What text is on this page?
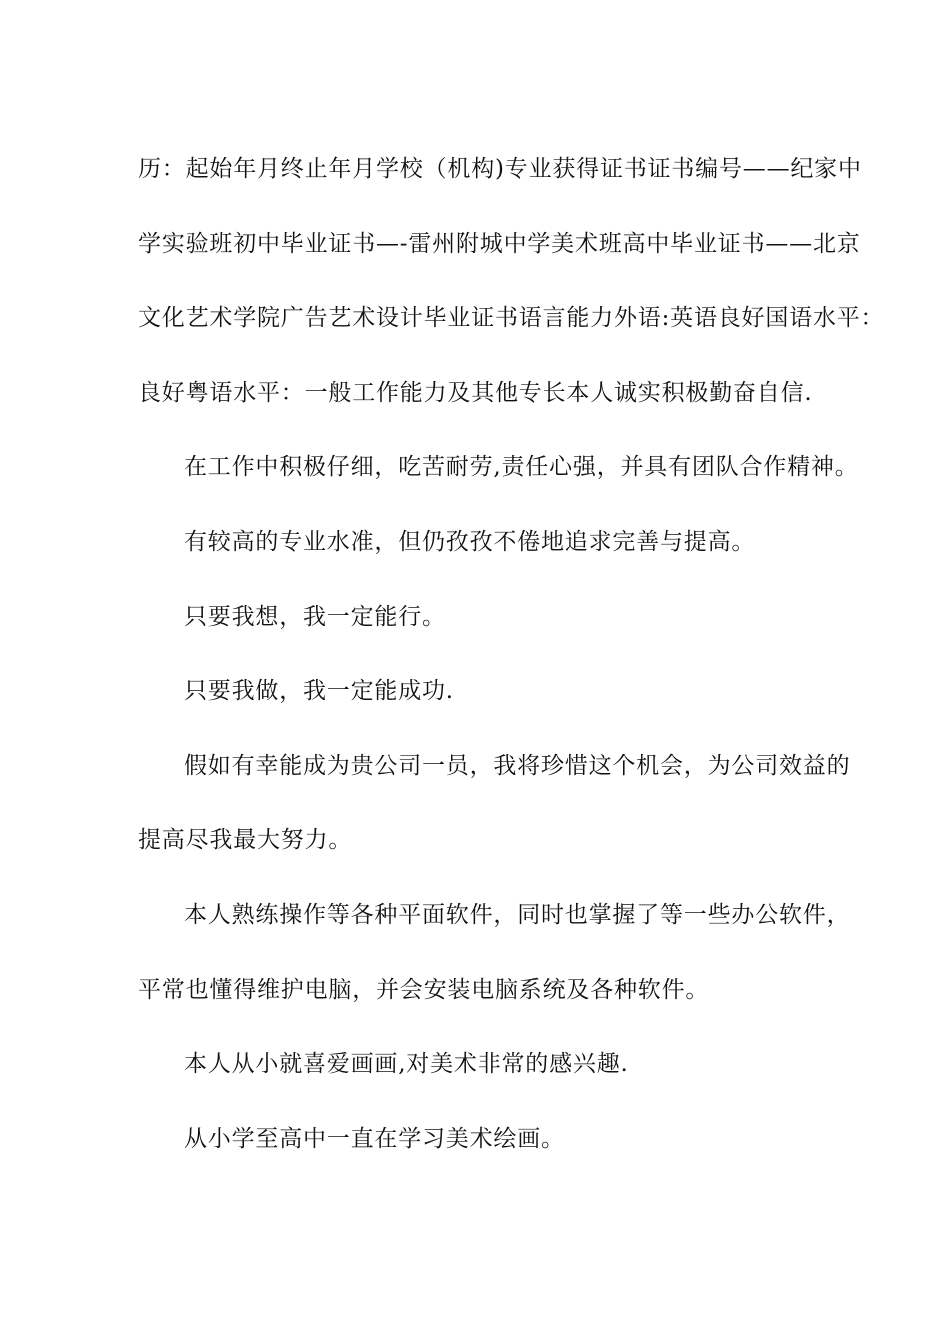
历：起始年月终止年月学校（机构)专业获得证书证书编号——纪家中
学实验班初中毕业证书—-雷州附城中学美术班高中毕业证书——北京
文化艺术学院广告艺术设计毕业证书语言能力外语:英语良好国语水平：
良好粤语水平：一般工作能力及其他专长本人诚实积极勤奋自信.

在工作中积极仔细，吃苦耐劳,责任心强，并具有团队合作精神。

有较高的专业水准，但仍孜孜不倦地追求完善与提高。

只要我想，我一定能行。

只要我做，我一定能成功.

假如有幸能成为贵公司一员，我将珍惜这个机会，为公司效益的
提高尽我最大努力。

本人熟练操作等各种平面软件，同时也掌握了等一些办公软件，
平常也懂得维护电脑，并会安装电脑系统及各种软件。

本人从小就喜爱画画,对美术非常的感兴趣.

从小学至高中一直在学习美术绘画。
